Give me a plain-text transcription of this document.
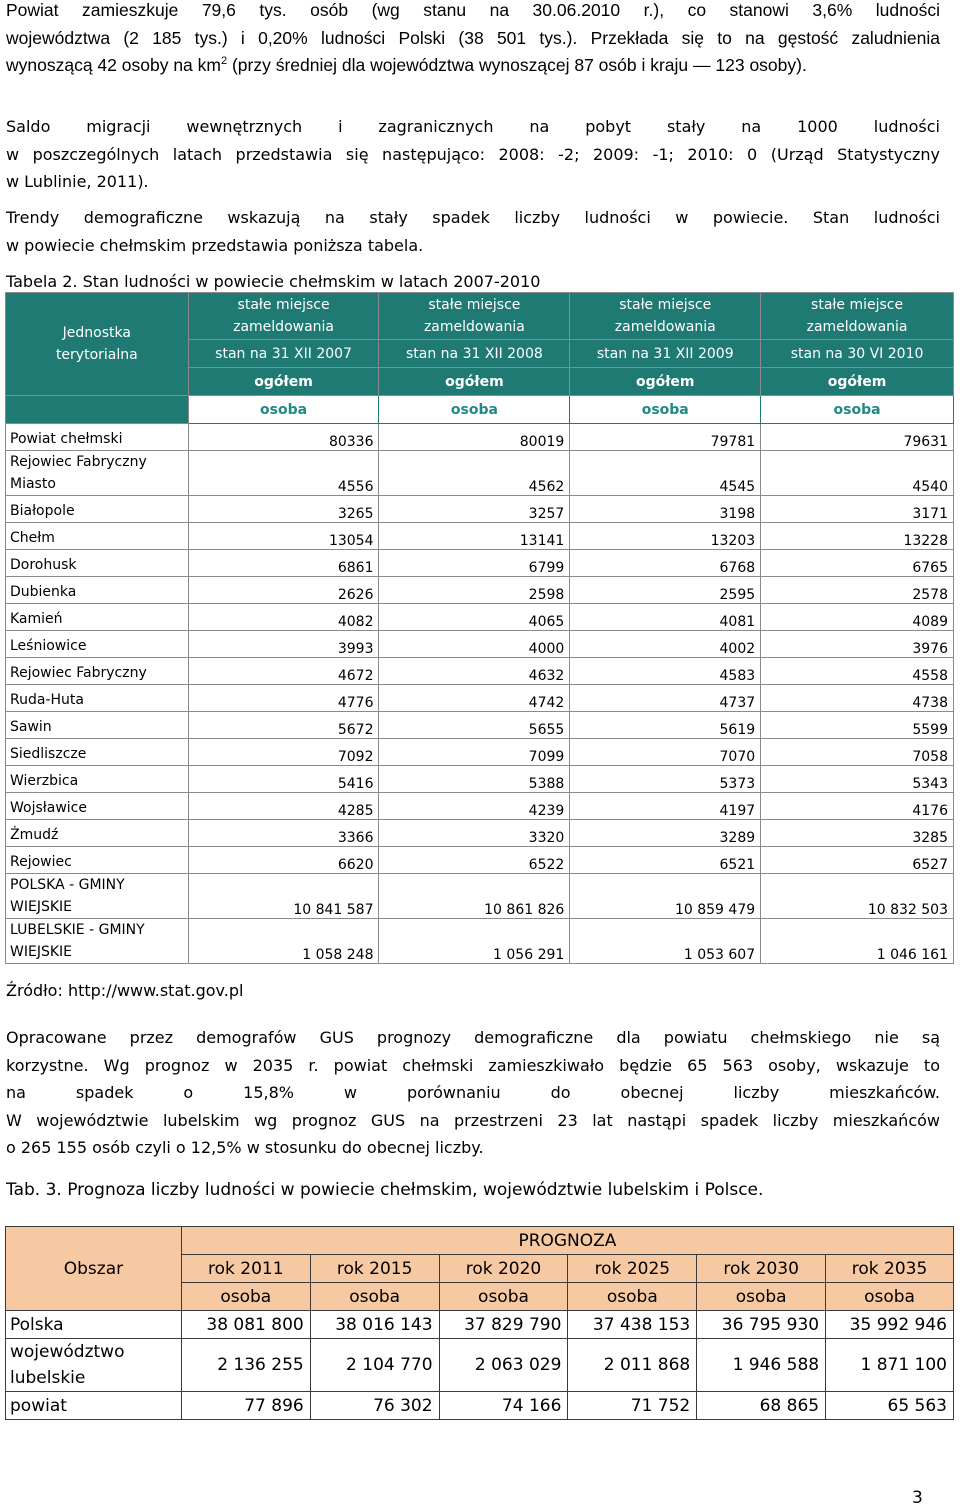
Powiat zamieszkuje 79,6 tys. osób (wg stanu na 30.06.2010 r.), co stanowi 3,6% ludności
województwa (2 185 tys.) i 0,20% ludności Polski (38 501 tys.). Przekłada się to na gęstość zaludnienia
wynoszącą 42 osoby na $km^2$ (przy średniej dla województwa wynoszącej 87 osób i kraju — 123 osoby).
Saldo migracji wewnętrznych i zagranicznych na pobyt stały na 1000 ludności
w poszczególnych latach przedstawia się następująco: 2008: -2; 2009: -1; 2010: 0 (Urząd Statystyczny
w Lublinie, 2011).
Trendy demograficzne wskazują na stały spadek liczby ludności w powiecie. Stan ludności
w powiecie chełmskim przedstawia poniższa tabela.
Tabela 2. Stan ludności w powiecie chełmskim w latach 2007-2010
Jednostka terytorialna	stałe miejsce zameldowania	stałe miejsce zameldowania	stałe miejsce zameldowania	stałe miejsce zameldowania
	stan na 31 XII 2007	stan na 31 XII 2008	stan na 31 XII 2009	stan na 30 VI 2010
	ogółem	ogółem	ogółem	ogółem
	osoba	osoba	osoba	osoba
Powiat chełmski	80336	80019	79781	79631
Rejowiec Fabryczny Miasto	4556	4562	4545	4540
Białopole	3265	3257	3198	3171
Chełm	13054	13141	13203	13228
Dorohusk	6861	6799	6768	6765
Dubienka	2626	2598	2595	2578
Kamień	4082	4065	4081	4089
Leśniowice	3993	4000	4002	3976
Rejowiec Fabryczny	4672	4632	4583	4558
Ruda-Huta	4776	4742	4737	4738
Sawin	5672	5655	5619	5599
Siedliszcze	7092	7099	7070	7058
Wierzbica	5416	5388	5373	5343
Wojsławice	4285	4239	4197	4176
Żmudź	3366	3320	3289	3285
Rejowiec	6620	6522	6521	6527
POLSKA - GMINY WIEJSKIE	10 841 587	10 861 826	10 859 479	10 832 503
LUBELSKIE - GMINY WIEJSKIE	1 058 248	1 056 291	1 053 607	1 046 161
Źródło: http://www.stat.gov.pl
Opracowane przez demografów GUS prognozy demograficzne dla powiatu chełmskiego nie są
korzystne. Wg prognoz w 2035 r. powiat chełmski zamieszkiwało będzie 65 563 osoby, wskazuje to
na spadek o 15,8% w porównaniu do obecnej liczby mieszkańców.
W województwie lubelskim wg prognoz GUS na przestrzeni 23 lat nastąpi spadek liczby mieszkańców
o 265 155 osób czyli o 12,5% w stosunku do obecnej liczby.
Tab. 3. Prognoza liczby ludności w powiecie chełmskim, województwie lubelskim i Polsce.
Obszar	PROGNOZA					
	rok 2011	rok 2015	rok 2020	rok 2025	rok 2030	rok 2035
	osoba	osoba	osoba	osoba	osoba	osoba
Polska	38 081 800	38 016 143	37 829 790	37 438 153	36 795 930	35 992 946
województwo lubelskie	2 136 255	2 104 770	2 063 029	2 011 868	1 946 588	1 871 100
powiat	77 896	76 302	74 166	71 752	68 865	65 563
3
